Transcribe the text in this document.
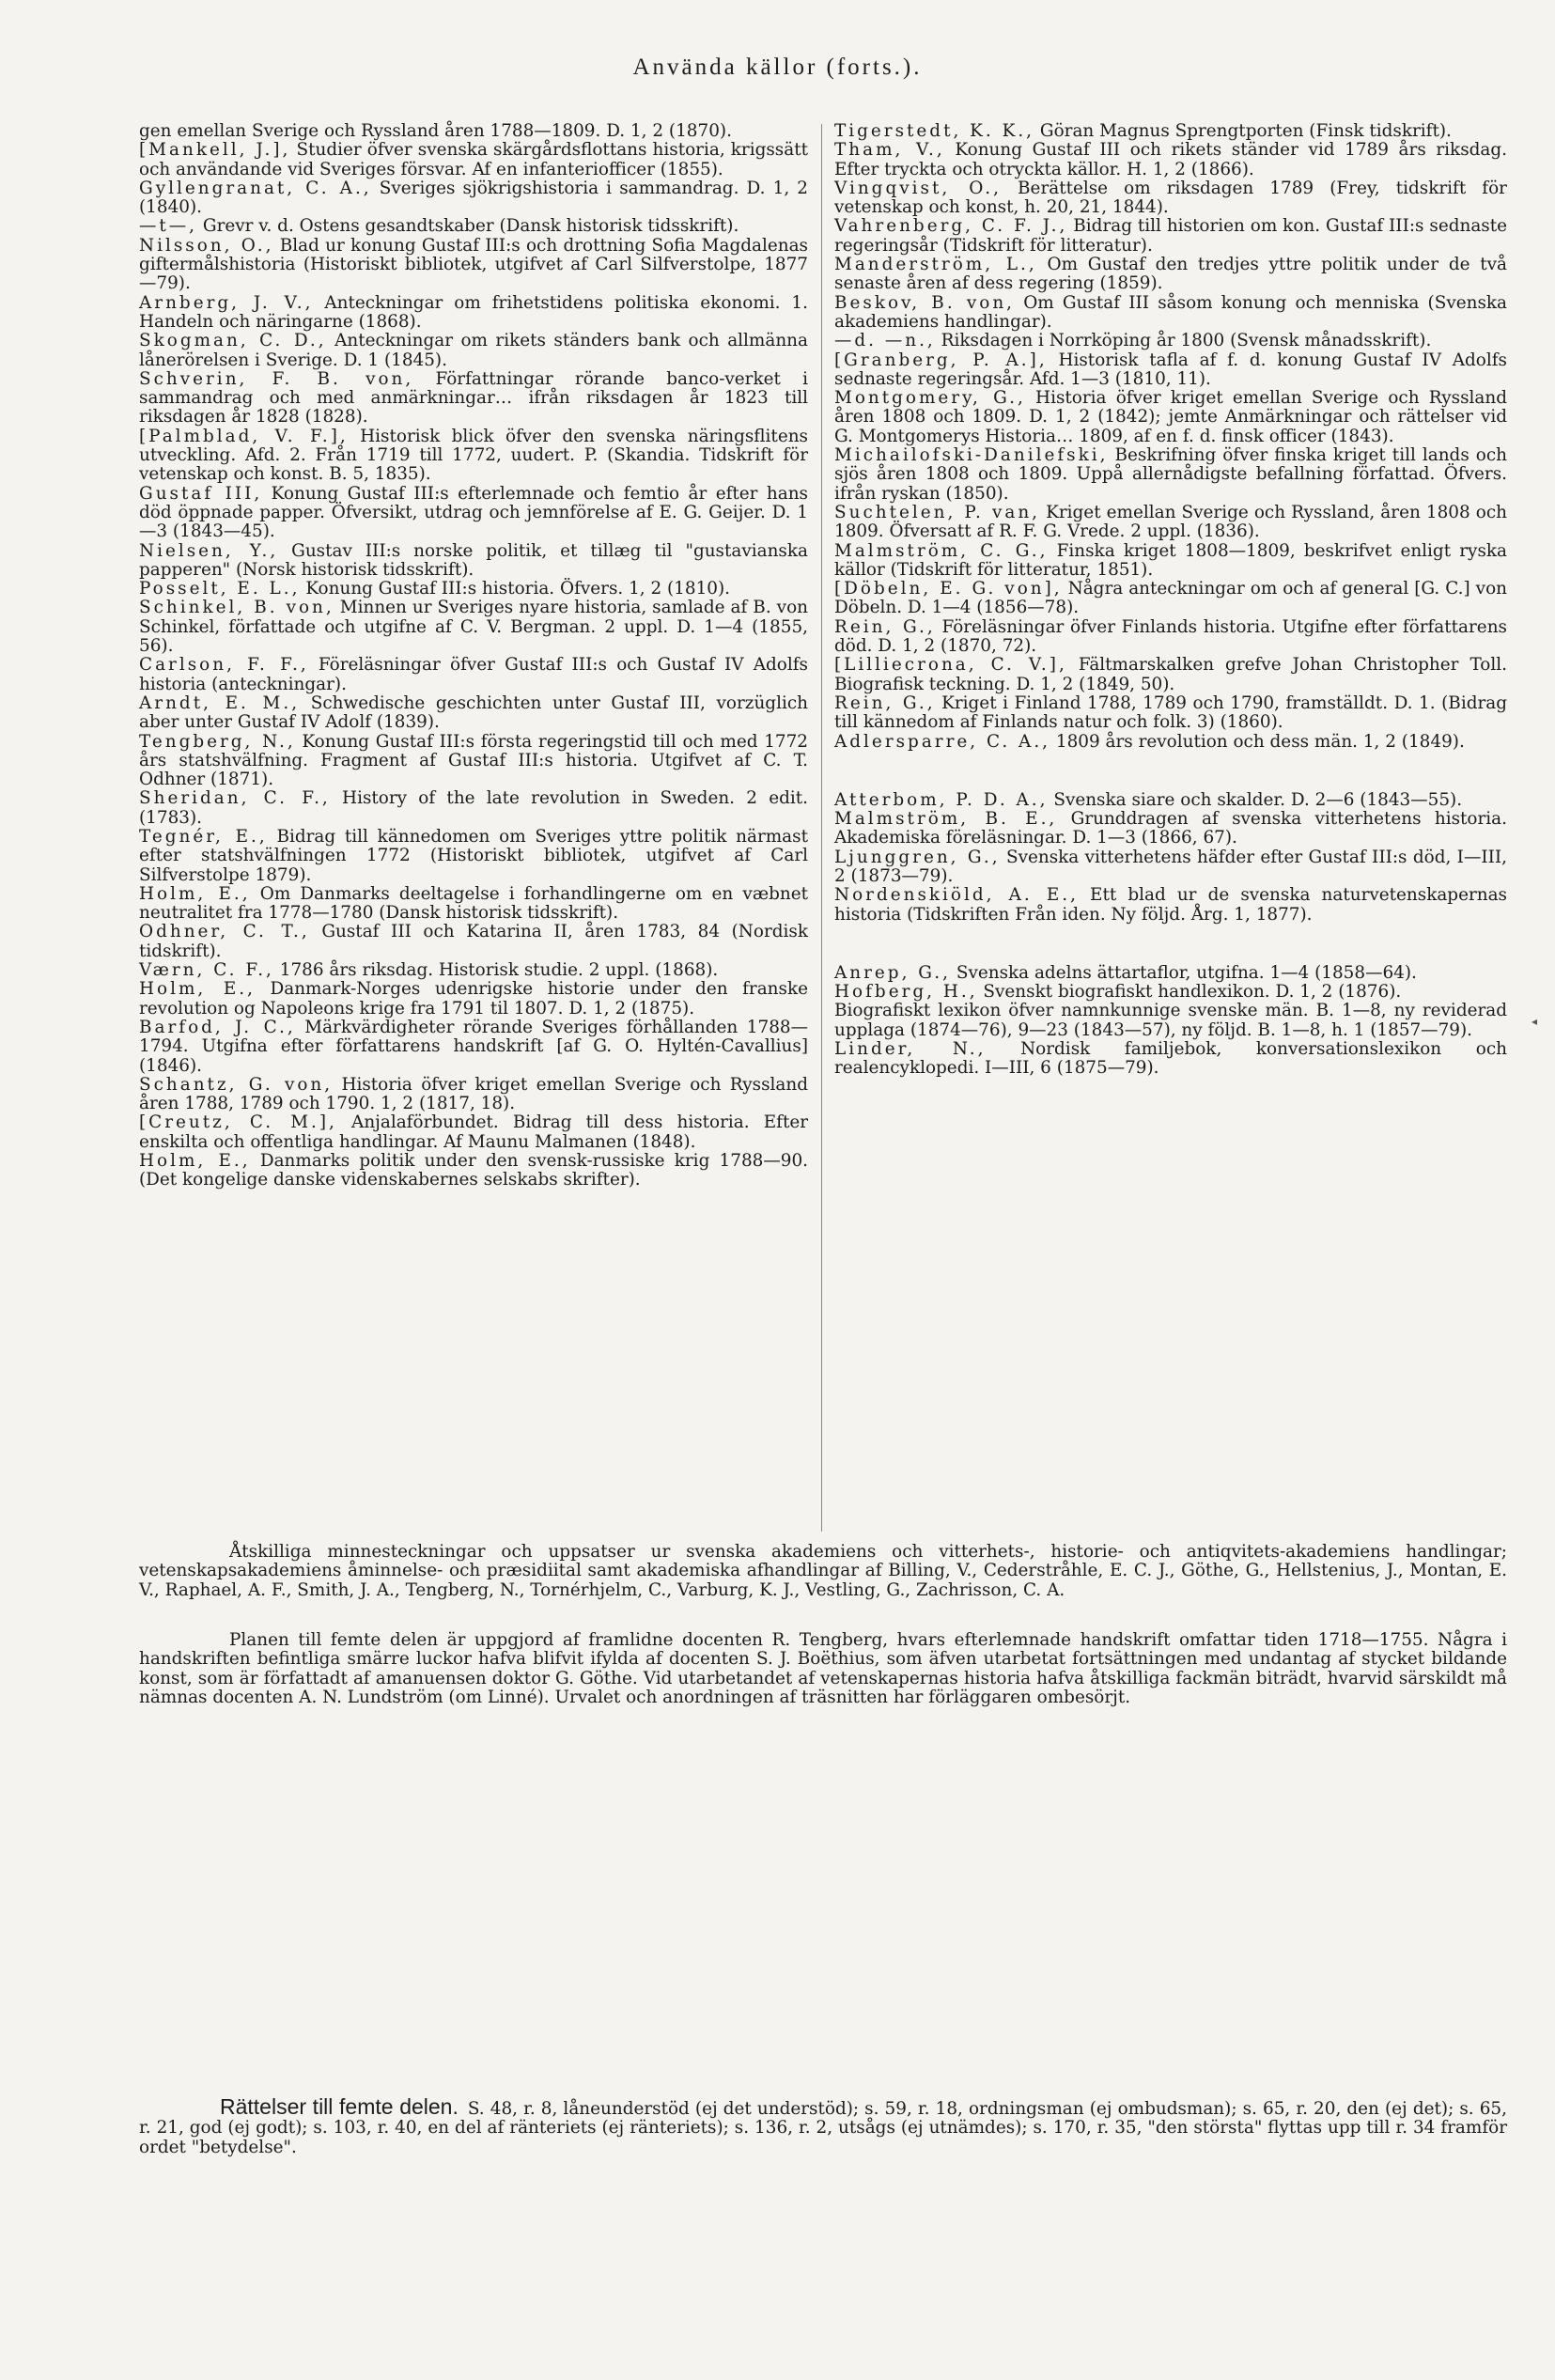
Använda källor (forts.).

gen emellan Sverige och Ryssland åren 1788—1809. D. 1, 2 (1870).

[Mankell, J.], Studier öfver svenska skärgårdsflottans historia, krigssätt och användande vid Sveriges försvar. Af en infanteriofficer (1855).

Gyllengranat, C. A., Sveriges sjökrigshistoria i sammandrag. D. 1, 2 (1840).

—t—, Grevr v. d. Ostens gesandtskaber (Dansk historisk tidsskrift).

Nilsson, O., Blad ur konung Gustaf III:s och drottning Sofia Magdalenas giftermålshistoria (Historiskt bibliotek, utgifvet af Carl Silfverstolpe, 1877—79).

Arnberg, J. V., Anteckningar om frihetstidens politiska ekonomi. 1. Handeln och näringarne (1868).

Skogman, C. D., Anteckningar om rikets ständers bank och allmänna lånerörelsen i Sverige. D. 1 (1845).

Schverin, F. B. von, Författningar rörande banco-verket i sammandrag och med anmärkningar… ifrån riksdagen år 1823 till riksdagen år 1828 (1828).

[Palmblad, V. F.], Historisk blick öfver den svenska näringsflitens utveckling. Afd. 2. Från 1719 till 1772, uudert. P. (Skandia. Tidskrift för vetenskap och konst. B. 5, 1835).

Gustaf III, Konung Gustaf III:s efterlemnade och femtio år efter hans död öppnade papper. Öfversikt, utdrag och jemnförelse af E. G. Geijer. D. 1—3 (1843—45).

Nielsen, Y., Gustav III:s norske politik, et tillæg til "gustavianska papperen" (Norsk historisk tidsskrift).

Posselt, E. L., Konung Gustaf III:s historia. Öfvers. 1, 2 (1810).

Schinkel, B. von, Minnen ur Sveriges nyare historia, samlade af B. von Schinkel, författade och utgifne af C. V. Bergman. 2 uppl. D. 1—4 (1855, 56).

Carlson, F. F., Föreläsningar öfver Gustaf III:s och Gustaf IV Adolfs historia (anteckningar).

Arndt, E. M., Schwedische geschichten unter Gustaf III, vorzüglich aber unter Gustaf IV Adolf (1839).

Tengberg, N., Konung Gustaf III:s första regeringstid till och med 1772 års statshvälfning. Fragment af Gustaf III:s historia. Utgifvet af C. T. Odhner (1871).

Sheridan, C. F., History of the late revolution in Sweden. 2 edit. (1783).

Tegnér, E., Bidrag till kännedomen om Sveriges yttre politik närmast efter statshvälfningen 1772 (Historiskt bibliotek, utgifvet af Carl Silfverstolpe 1879).

Holm, E., Om Danmarks deeltagelse i forhandlingerne om en væbnet neutralitet fra 1778—1780 (Dansk historisk tidsskrift).

Odhner, C. T., Gustaf III och Katarina II, åren 1783, 84 (Nordisk tidskrift).

Værn, C. F., 1786 års riksdag. Historisk studie. 2 uppl. (1868).

Holm, E., Danmark-Norges udenrigske historie under den franske revolution og Napoleons krige fra 1791 til 1807. D. 1, 2 (1875).

Barfod, J. C., Märkvärdigheter rörande Sveriges förhållanden 1788—1794. Utgifna efter författarens handskrift [af G. O. Hyltén-Cavallius] (1846).

Schantz, G. von, Historia öfver kriget emellan Sverige och Ryssland åren 1788, 1789 och 1790. 1, 2 (1817, 18).

[Creutz, C. M.], Anjalaförbundet. Bidrag till dess historia. Efter enskilta och offentliga handlingar. Af Maunu Malmanen (1848).

Holm, E., Danmarks politik under den svensk-russiske krig 1788—90. (Det kongelige danske videnskabernes selskabs skrifter).

Tigerstedt, K. K., Göran Magnus Sprengtporten (Finsk tidskrift).

Tham, V., Konung Gustaf III och rikets ständer vid 1789 års riksdag. Efter tryckta och otryckta källor. H. 1, 2 (1866).

Vingqvist, O., Berättelse om riksdagen 1789 (Frey, tidskrift för vetenskap och konst, h. 20, 21, 1844).

Vahrenberg, C. F. J., Bidrag till historien om kon. Gustaf III:s sednaste regeringsår (Tidskrift för litteratur).

Manderström, L., Om Gustaf den tredjes yttre politik under de två senaste åren af dess regering (1859).

Beskov, B. von, Om Gustaf III såsom konung och menniska (Svenska akademiens handlingar).

—d. —n., Riksdagen i Norrköping år 1800 (Svensk månadsskrift).

[Granberg, P. A.], Historisk tafla af f. d. konung Gustaf IV Adolfs sednaste regeringsår. Afd. 1—3 (1810, 11).

Montgomery, G., Historia öfver kriget emellan Sverige och Ryssland åren 1808 och 1809. D. 1, 2 (1842); jemte Anmärkningar och rättelser vid G. Montgomerys Historia… 1809, af en f. d. finsk officer (1843).

Michailofski-Danilefski, Beskrifning öfver finska kriget till lands och sjös åren 1808 och 1809. Uppå allernådigste befallning författad. Öfvers. ifrån ryskan (1850).

Suchtelen, P. van, Kriget emellan Sverige och Ryssland, åren 1808 och 1809. Öfversatt af R. F. G. Vrede. 2 uppl. (1836).

Malmström, C. G., Finska kriget 1808—1809, beskrifvet enligt ryska källor (Tidskrift för litteratur, 1851).

[Döbeln, E. G. von], Några anteckningar om och af general [G. C.] von Döbeln. D. 1—4 (1856—78).

Rein, G., Föreläsningar öfver Finlands historia. Utgifne efter författarens död. D. 1, 2 (1870, 72).

[Lilliecrona, C. V.], Fältmarskalken grefve Johan Christopher Toll. Biografisk teckning. D. 1, 2 (1849, 50).

Rein, G., Kriget i Finland 1788, 1789 och 1790, framställdt. D. 1. (Bidrag till kännedom af Finlands natur och folk. 3) (1860).

Adlersparre, C. A., 1809 års revolution och dess män. 1, 2 (1849).

Atterbom, P. D. A., Svenska siare och skalder. D. 2—6 (1843—55).

Malmström, B. E., Grunddragen af svenska vitterhetens historia. Akademiska föreläsningar. D. 1—3 (1866, 67).

Ljunggren, G., Svenska vitterhetens häfder efter Gustaf III:s död, I—III, 2 (1873—79).

Nordenskiöld, A. E., Ett blad ur de svenska naturvetenskapernas historia (Tidskriften Från iden. Ny följd. Årg. 1, 1877).

Anrep, G., Svenska adelns ättartaflor, utgifna. 1—4 (1858—64).

Hofberg, H., Svenskt biografiskt handlexikon. D. 1, 2 (1876).

Biografiskt lexikon öfver namnkunnige svenske män. B. 1—8, ny reviderad upplaga (1874—76), 9—23 (1843—57), ny följd. B. 1—8, h. 1 (1857—79).

Linder, N., Nordisk familjebok, konversationslexikon och realencyklopedi. I—III, 6 (1875—79).

Åtskilliga minnesteckningar och uppsatser ur svenska akademiens och vitterhets-, historie- och antiqvitets-akademiens handlingar; vetenskapsakademiens åminnelse- och præsidiital samt akademiska afhandlingar af Billing, V., Cederstråhle, E. C. J., Göthe, G., Hellstenius, J., Montan, E. V., Raphael, A. F., Smith, J. A., Tengberg, N., Tornérhjelm, C., Varburg, K. J., Vestling, G., Zachrisson, C. A.
Planen till femte delen är uppgjord af framlidne docenten R. Tengberg, hvars efterlemnade handskrift omfattar tiden 1718—1755. Några i handskriften befintliga smärre luckor hafva blifvit ifylda af docenten S. J. Boëthius, som äfven utarbetat fortsättningen med undantag af stycket bildande konst, som är författadt af amanuensen doktor G. Göthe. Vid utarbetandet af vetenskapernas historia hafva åtskilliga fackmän biträdt, hvarvid särskildt må nämnas docenten A. N. Lundström (om Linné). Urvalet och anordningen af träsnitten har förläggaren ombesörjt.
Rättelser till femte delen. S. 48, r. 8, låneunderstöd (ej det understöd); s. 59, r. 18, ordningsman (ej ombudsman); s. 65, r. 20, den (ej det); s. 65, r. 21, god (ej godt); s. 103, r. 40, en del af ränteriets (ej ränteriets); s. 136, r. 2, utsågs (ej utnämdes); s. 170, r. 35, "den största" flyttas upp till r. 34 framför ordet "betydelse".
◂
